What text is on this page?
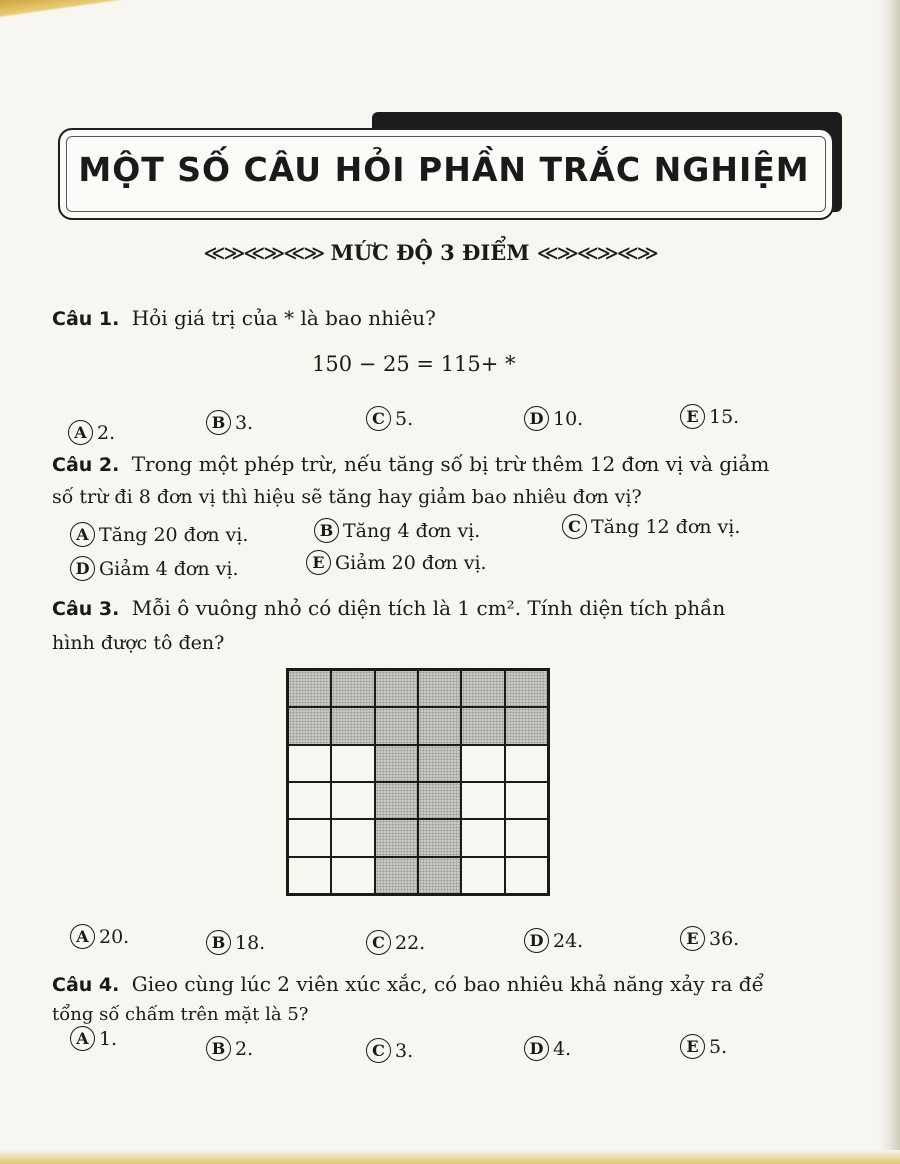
MỘT SỐ CÂU HỎI PHẦN TRẮC NGHIỆM
≪≫≪≫≪≫ MỨC ĐỘ 3 ĐIỂM ≪≫≪≫≪≫
Câu 1. Hỏi giá trị của * là bao nhiêu?
150 − 25 = 115+ *
A 2.	B 3.	C 5.	D 10.	E 15.
Câu 2. Trong một phép trừ, nếu tăng số bị trừ thêm 12 đơn vị và giảm
số trừ đi 8 đơn vị thì hiệu sẽ tăng hay giảm bao nhiêu đơn vị?
A Tăng 20 đơn vị.	B Tăng 4 đơn vị.	C Tăng 12 đơn vị.
D Giảm 4 đơn vị.	E Giảm 20 đơn vị.
Câu 3. Mỗi ô vuông nhỏ có diện tích là 1 cm². Tính diện tích phần
hình được tô đen?
A 20.	B 18.	C 22.	D 24.	E 36.
Câu 4. Gieo cùng lúc 2 viên xúc xắc, có bao nhiêu khả năng xảy ra để
tổng số chấm trên mặt là 5?
A 1.	B 2.	C 3.	D 4.	E 5.
